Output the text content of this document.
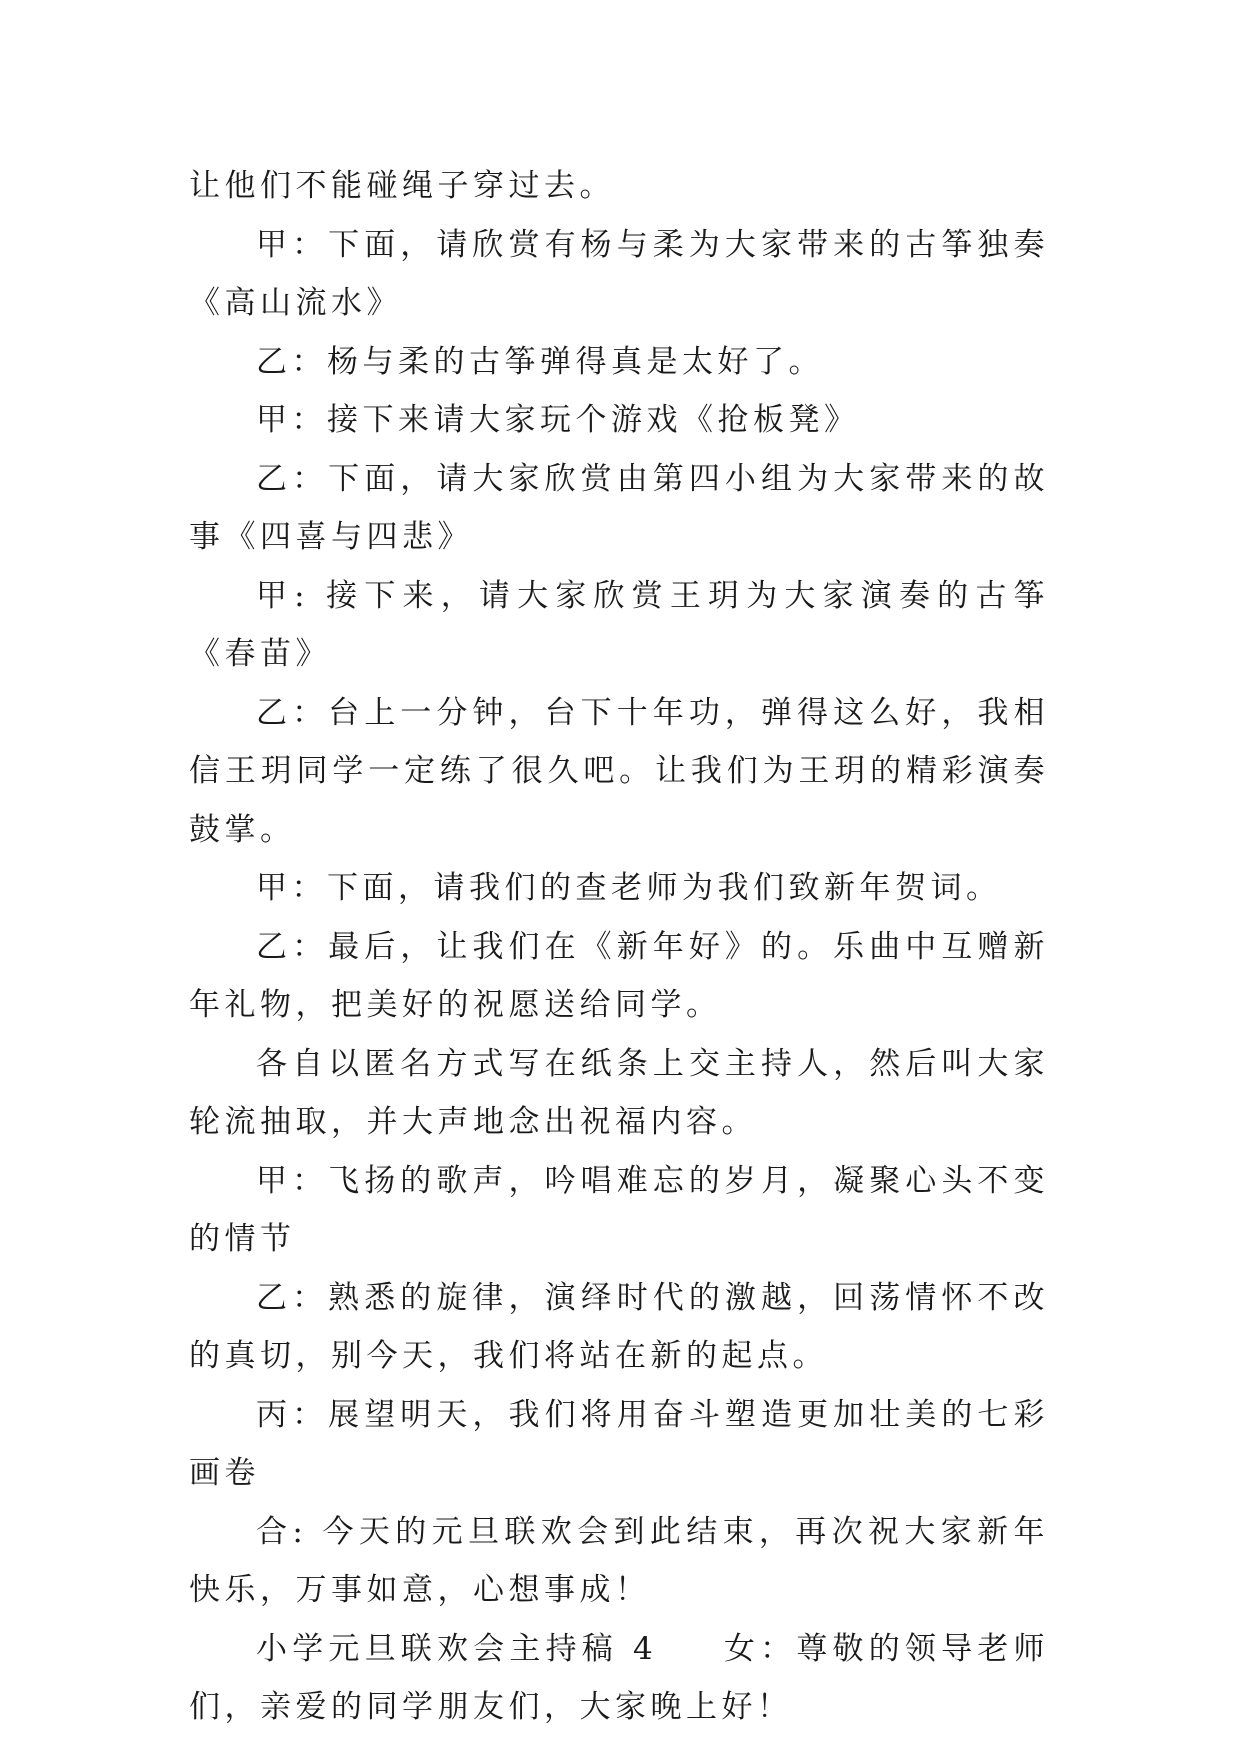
让他们不能碰绳子穿过去。

甲：下面，请欣赏有杨与柔为大家带来的古筝独奏《高山流水》

乙：杨与柔的古筝弹得真是太好了。

甲：接下来请大家玩个游戏《抢板凳》

乙：下面，请大家欣赏由第四小组为大家带来的故事《四喜与四悲》

甲: 接下来，请大家欣赏王玥为大家演奏的古筝《春苗》

乙：台上一分钟，台下十年功，弹得这么好，我相信王玥同学一定练了很久吧。让我们为王玥的精彩演奏鼓掌。

甲：下面，请我们的查老师为我们致新年贺词。

乙：最后，让我们在《新年好》的。乐曲中互赠新年礼物，把美好的祝愿送给同学。

各自以匿名方式写在纸条上交主持人，然后叫大家轮流抽取，并大声地念出祝福内容。

甲：飞扬的歌声，吟唱难忘的岁月，凝聚心头不变的情节

乙：熟悉的旋律，演绎时代的激越，回荡情怀不改的真切，别今天，我们将站在新的起点。

丙：展望明天，我们将用奋斗塑造更加壮美的七彩画卷

合: 今天的元旦联欢会到此结束，再次祝大家新年快乐，万事如意，心想事成！

小学元旦联欢会主持稿 4 女：尊敬的领导老师们，亲爱的同学朋友们，大家晚上好！
